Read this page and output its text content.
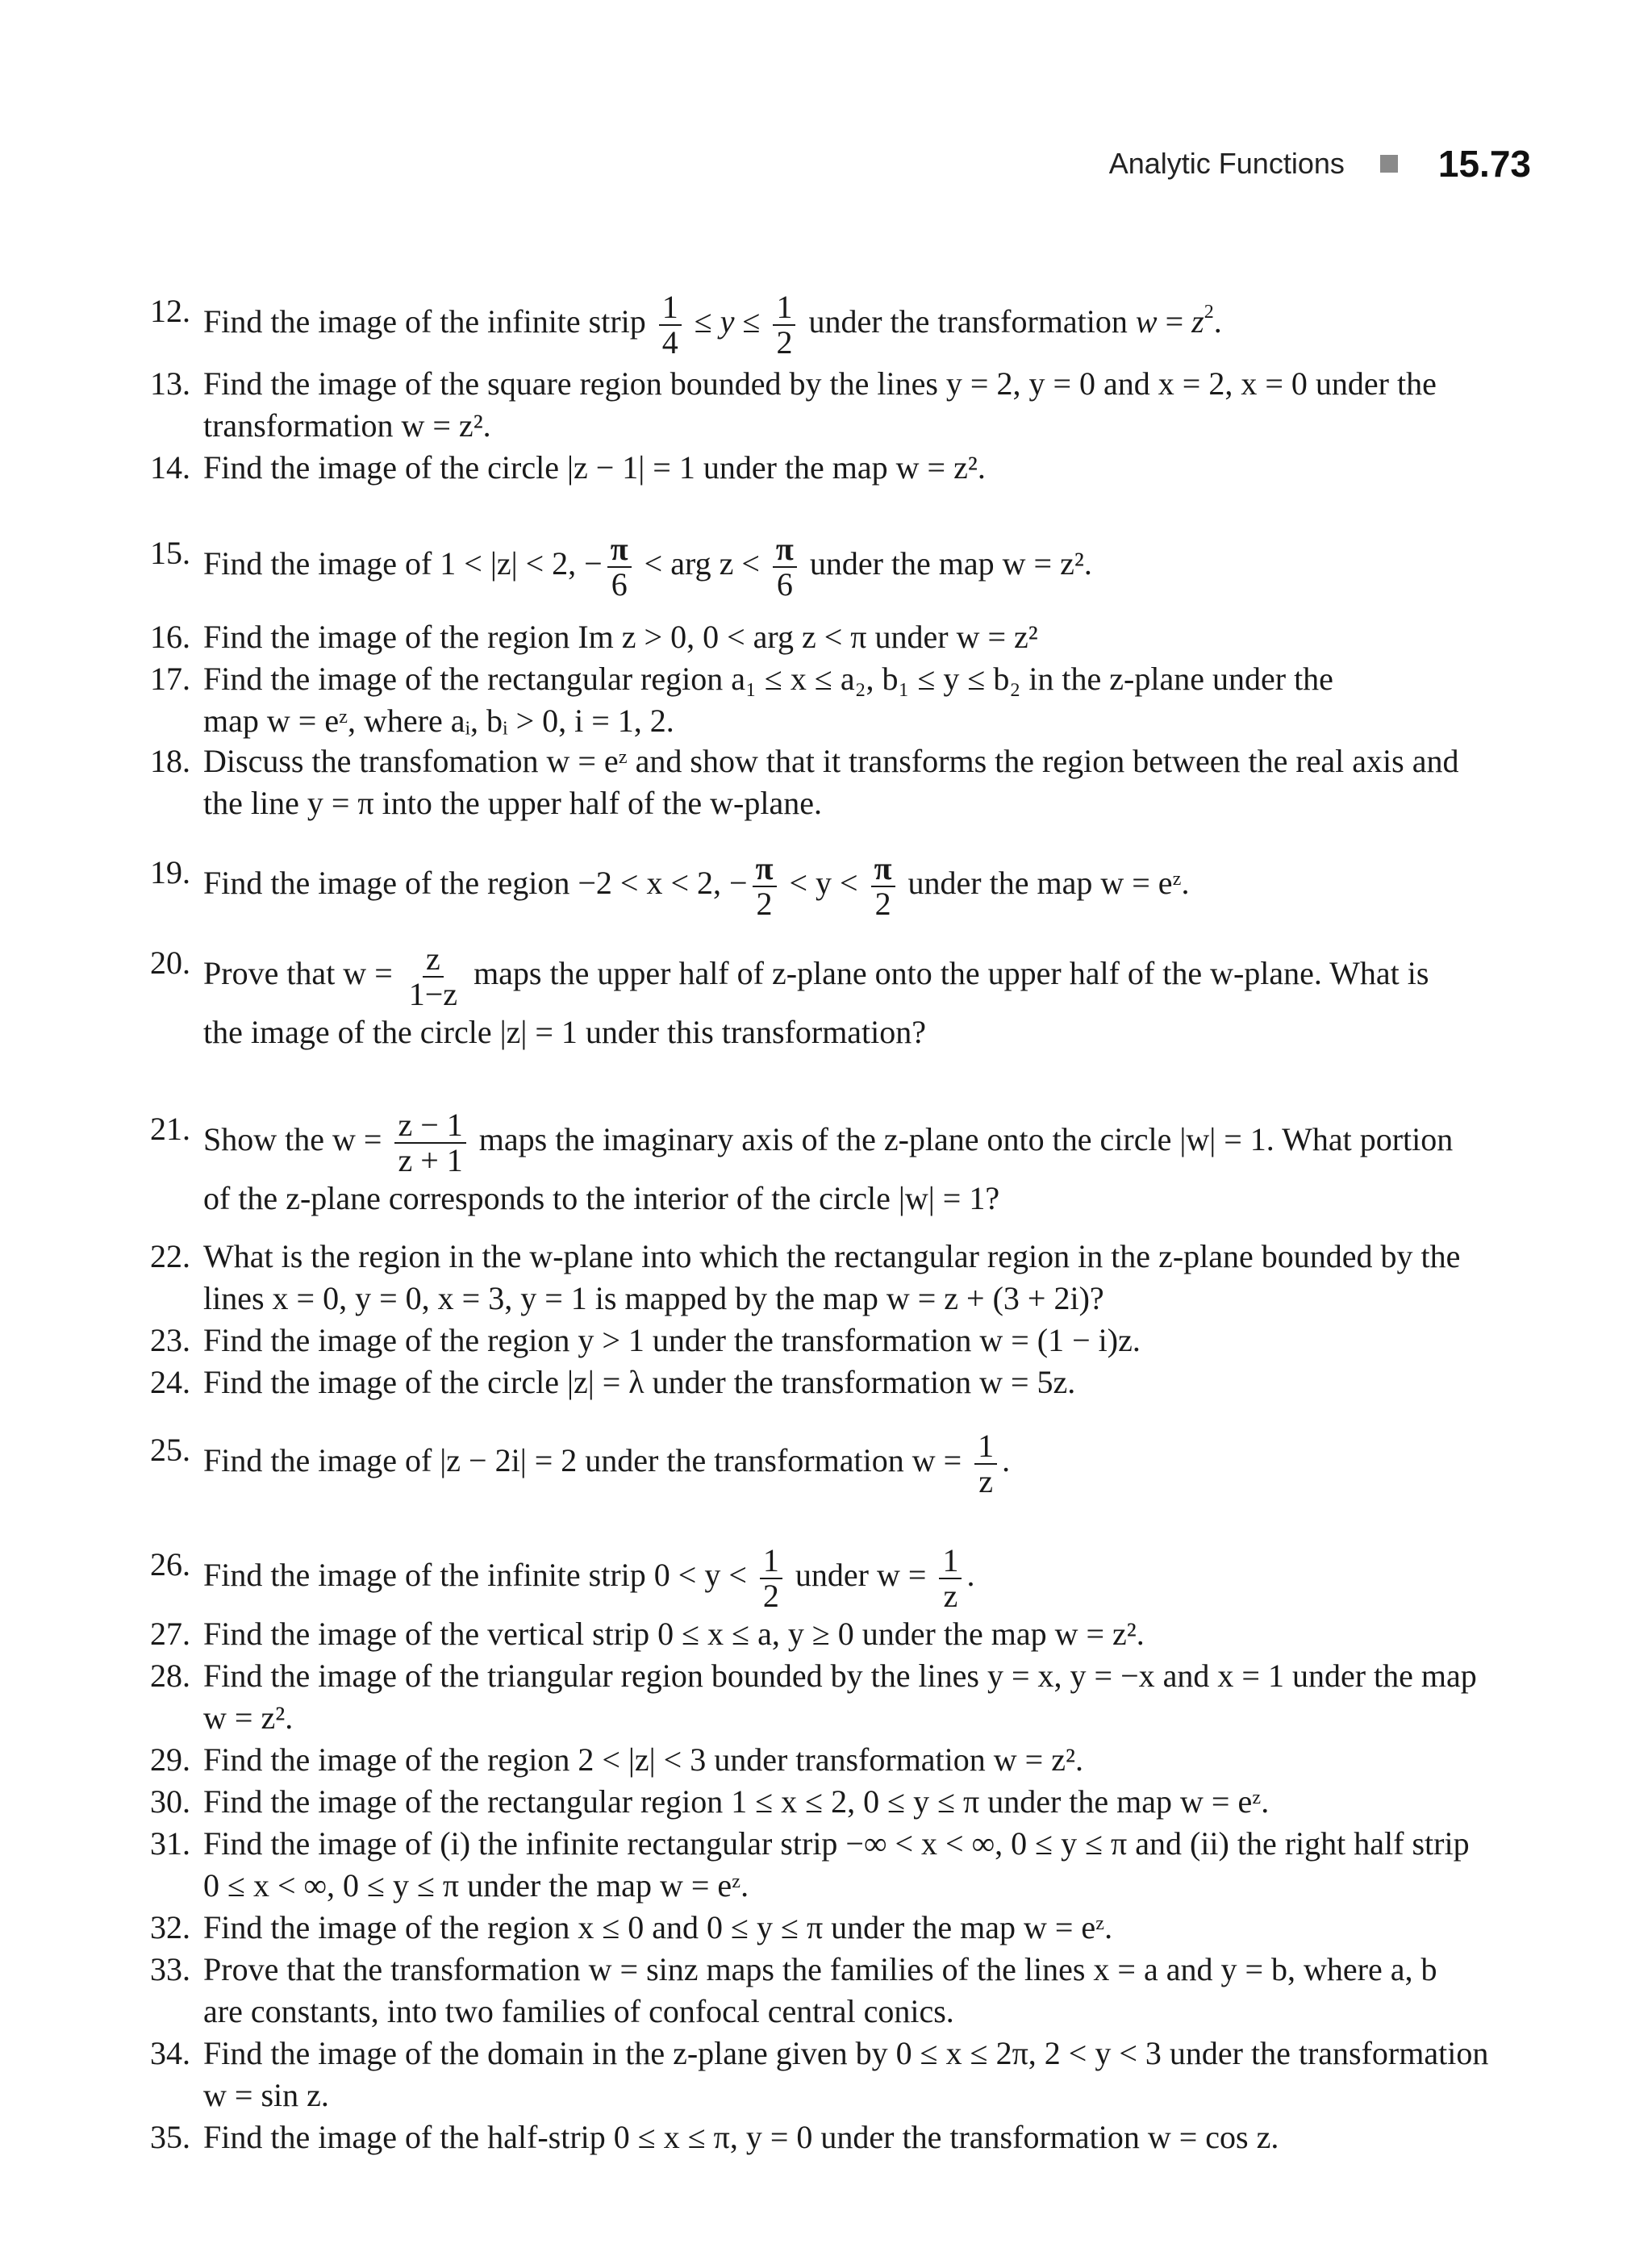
Analytic Functions	15.73
12. Find the image of the infinite strip $\frac{1}{4} \le y \le \frac{1}{2}$ under the transformation $w = z^2$.
13. Find the image of the square region bounded by the lines y = 2, y = 0 and x = 2, x = 0 under the
transformation w = z².
14. Find the image of the circle |z − 1| = 1 under the map w = z².
15. Find the image of 1 < |z| < 2, − $\frac{\pi}{6}$ < arg $z < \frac{\pi}{6}$ under the map w = z².
16. Find the image of the region Im z > 0, 0 < arg z < π under w = z²
17. Find the image of the rectangular region a₁ ≤ x ≤ a₂, b₁ ≤ y ≤ b₂ in the z-plane under the
map w = eᶻ, where aᵢ, bᵢ > 0, i = 1, 2.
18. Discuss the transfomation w = eᶻ and show that it transforms the region between the real axis and
the line y = π into the upper half of the w-plane.
19. Find the image of the region −2 < x < 2, − $\frac{\pi}{2} < y < \frac{\pi}{2}$ under the map w = eᶻ.
20. Prove that $w = \frac{z}{1-z}$ maps the upper half of z-plane onto the upper half of the w-plane. What is
the image of the circle |z| = 1 under this transformation?
21. Show the $w = \frac{z - 1}{z + 1}$ maps the imaginary axis of the z-plane onto the circle |w| = 1. What portion
of the z-plane corresponds to the interior of the circle |w| = 1?
22. What is the region in the w-plane into which the rectangular region in the z-plane bounded by the
lines x = 0, y = 0, x = 3, y = 1 is mapped by the map w = z + (3 + 2i)?
23. Find the image of the region y > 1 under the transformation w = (1 − i)z.
24. Find the image of the circle |z| = λ under the transformation w = 5z.
25. Find the image of |z − 2i| = 2 under the transformation $w = \frac{1}{z}$ .
26. Find the image of the infinite strip $0 < y < \frac{1}{2}$ under $w = \frac{1}{z}$ .
27. Find the image of the vertical strip 0 ≤ x ≤ a, y ≥ 0 under the map w = z².
28. Find the image of the triangular region bounded by the lines y = x, y = −x and x = 1 under the map
w = z².
29. Find the image of the region 2 < |z| < 3 under transformation w = z².
30. Find the image of the rectangular region 1 ≤ x ≤ 2, 0 ≤ y ≤ π under the map w = eᶻ.
31. Find the image of (i) the infinite rectangular strip −∞ < x < ∞, 0 ≤ y ≤ π and (ii) the right half strip
0 ≤ x < ∞, 0 ≤ y ≤ π under the map w = eᶻ.
32. Find the image of the region x ≤ 0 and 0 ≤ y ≤ π under the map w = eᶻ.
33. Prove that the transformation w = sinz maps the families of the lines x = a and y = b, where a, b
are constants, into two families of confocal central conics.
34. Find the image of the domain in the z-plane given by 0 ≤ x ≤ 2π, 2 < y < 3 under the transformation
w = sin z.
35. Find the image of the half-strip 0 ≤ x ≤ π, y = 0 under the transformation w = cos z.
